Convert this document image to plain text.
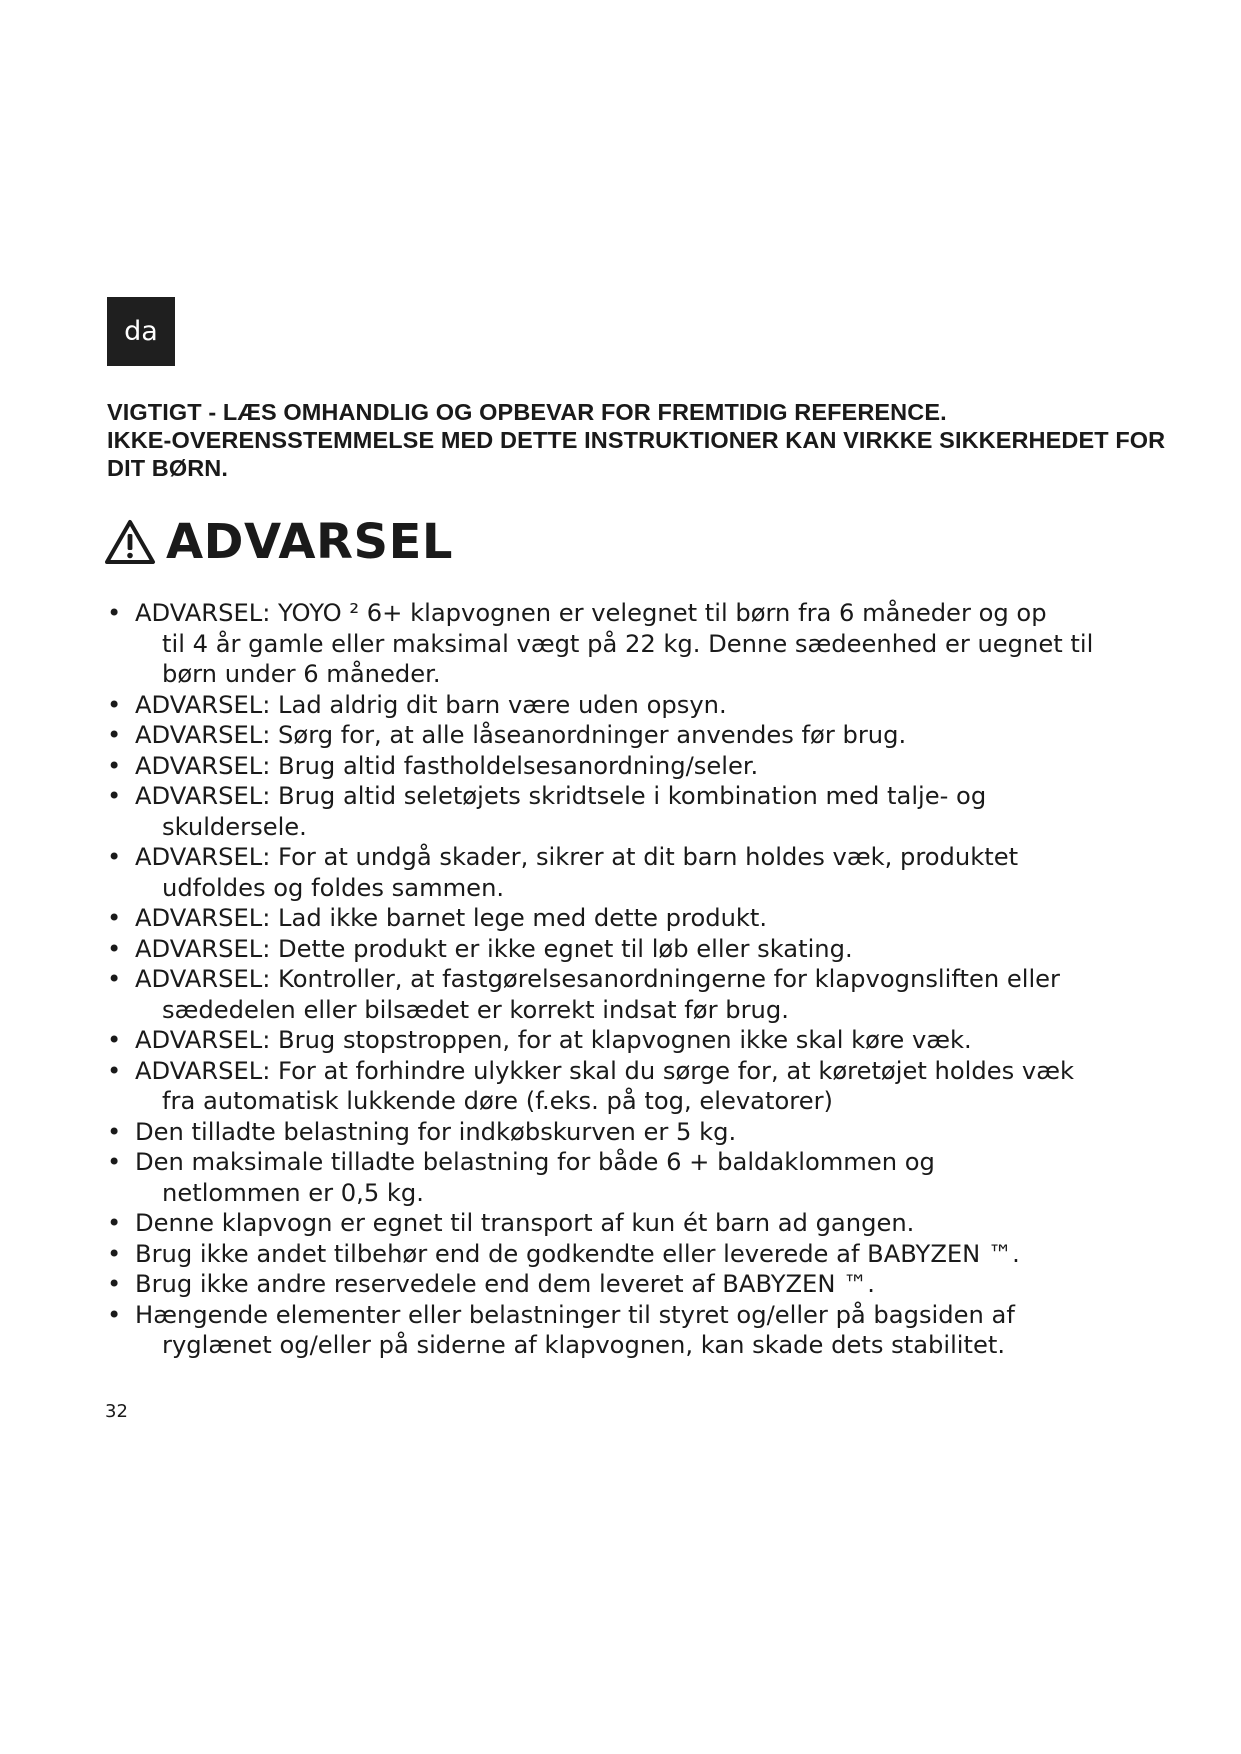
da
VIGTIGT - LÆS OMHANDLIG OG OPBEVAR FOR FREMTIDIG REFERENCE.
IKKE-OVERENSSTEMMELSE MED DETTE INSTRUKTIONER KAN VIRKKE SIKKERHEDET FOR
DIT BØRN.
ADVARSEL
• ADVARSEL: YOYO ² 6+ klapvognen er velegnet til børn fra 6 måneder og op
til 4 år gamle eller maksimal vægt på 22 kg. Denne sædeenhed er uegnet til
børn under 6 måneder.
• ADVARSEL: Lad aldrig dit barn være uden opsyn.
• ADVARSEL: Sørg for, at alle låseanordninger anvendes før brug.
• ADVARSEL: Brug altid fastholdelsesanordning/seler.
• ADVARSEL: Brug altid seletøjets skridtsele i kombination med talje- og
skuldersele.
• ADVARSEL: For at undgå skader, sikrer at dit barn holdes væk, produktet
udfoldes og foldes sammen.
• ADVARSEL: Lad ikke barnet lege med dette produkt.
• ADVARSEL: Dette produkt er ikke egnet til løb eller skating.
• ADVARSEL: Kontroller, at fastgørelsesanordningerne for klapvognsliften eller
sædedelen eller bilsædet er korrekt indsat før brug.
• ADVARSEL: Brug stopstroppen, for at klapvognen ikke skal køre væk.
• ADVARSEL: For at forhindre ulykker skal du sørge for, at køretøjet holdes væk
fra automatisk lukkende døre (f.eks. på tog, elevatorer)
• Den tilladte belastning for indkøbskurven er 5 kg.
• Den maksimale tilladte belastning for både 6 + baldaklommen og
netlommen er 0,5 kg.
• Denne klapvogn er egnet til transport af kun ét barn ad gangen.
• Brug ikke andet tilbehør end de godkendte eller leverede af BABYZEN ™.
• Brug ikke andre reservedele end dem leveret af BABYZEN ™.
• Hængende elementer eller belastninger til styret og/eller på bagsiden af
ryglænet og/eller på siderne af klapvognen, kan skade dets stabilitet.
32
